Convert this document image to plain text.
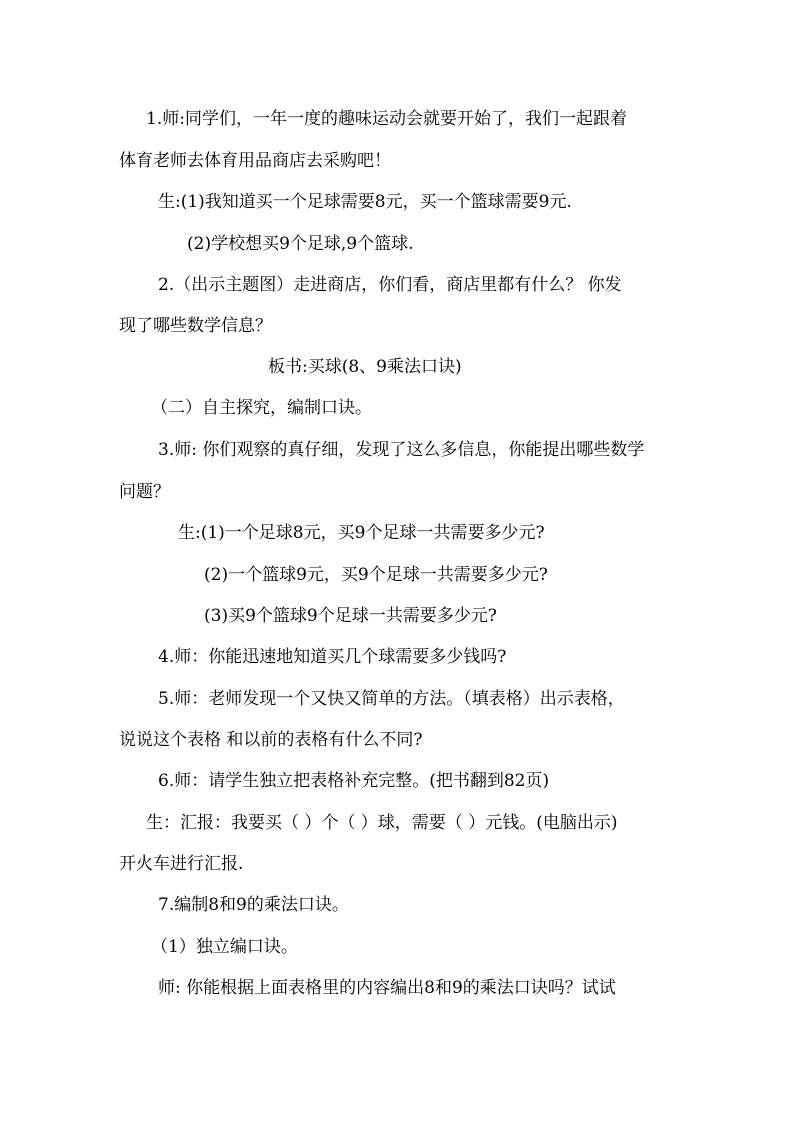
1.师:同学们，一年一度的趣味运动会就要开始了，我们一起跟着
体育老师去体育用品商店去采购吧！
生:(1)我知道买一个足球需要8元，买一个篮球需要9元.
(2)学校想买9个足球,9个篮球.
2.（出示主题图）走进商店，你们看，商店里都有什么？ 你发
现了哪些数学信息？
板书:买球(8、9乘法口诀)
（二）自主探究，编制口诀。
3.师: 你们观察的真仔细，发现了这么多信息，你能提出哪些数学
问题？
生:(1)一个足球8元，买9个足球一共需要多少元?
(2)一个篮球9元，买9个足球一共需要多少元?
(3)买9个篮球9个足球一共需要多少元?
4.师：你能迅速地知道买几个球需要多少钱吗?
5.师：老师发现一个又快又简单的方法。（填表格）出示表格，
说说这个表格 和以前的表格有什么不同?
6.师：请学生独立把表格补充完整。(把书翻到82页)
生：汇报：我要买（ ）个（ ）球，需要（ ）元钱。(电脑出示)
开火车进行汇报.
7.编制8和9的乘法口诀。
（1）独立编口诀。
师: 你能根据上面表格里的内容编出8和9的乘法口诀吗？试试
